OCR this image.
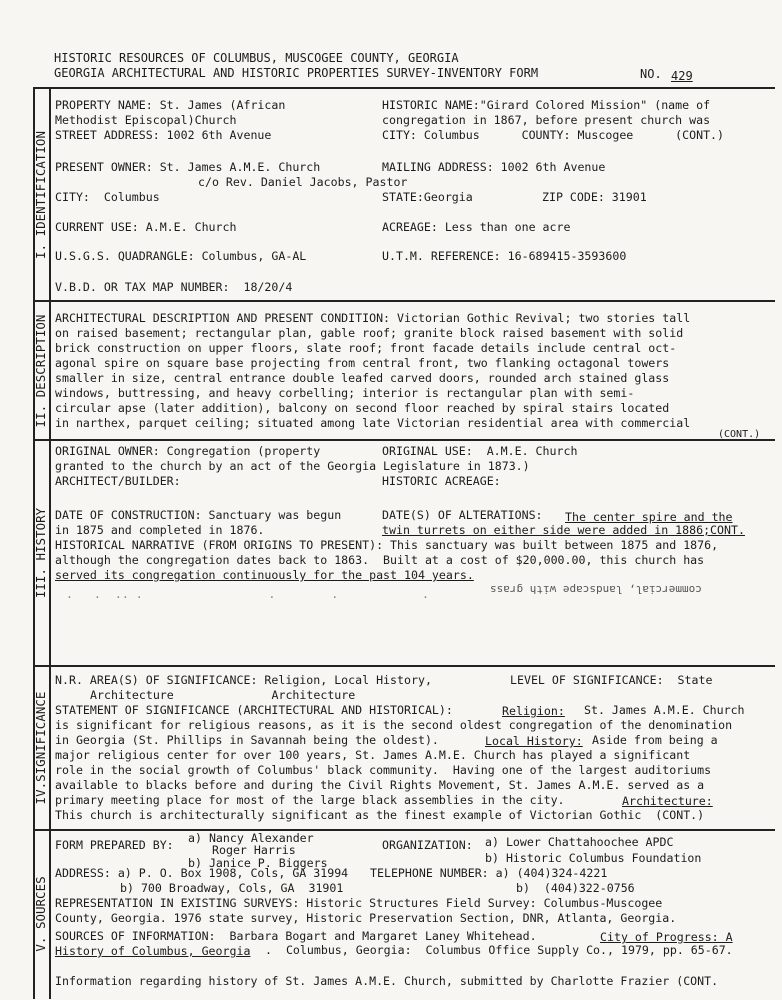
HISTORIC RESOURCES OF COLUMBUS, MUSCOGEE COUNTY, GEORGIA
GEORGIA ARCHITECTURAL AND HISTORIC PROPERTIES SURVEY-INVENTORY FORM	NO. 429
I. IDENTIFICATION
II. DESCRIPTION
III. HISTORY
IV.SIGNIFICANCE
V. SOURCES
PROPERTY NAME: St. James (African
Methodist Episcopal)Church
STREET ADDRESS: 1002 6th Avenue
HISTORIC NAME:"Girard Colored Mission" (name of
congregation in 1867, before present church was
CITY: Columbus      COUNTY: Muscogee      (CONT.)
PRESENT OWNER: St. James A.M.E. Church
c/o Rev. Daniel Jacobs, Pastor
CITY:  Columbus
MAILING ADDRESS: 1002 6th Avenue
STATE:Georgia	ZIP CODE: 31901
CURRENT USE: A.M.E. Church	ACREAGE: Less than one acre
U.S.G.S. QUADRANGLE: Columbus, GA-AL	U.T.M. REFERENCE: 16-689415-3593600
V.B.D. OR TAX MAP NUMBER:  18/20/4
ARCHITECTURAL DESCRIPTION AND PRESENT CONDITION: Victorian Gothic Revival; two stories tall
on raised basement; rectangular plan, gable roof; granite block raised basement with solid
brick construction on upper floors, slate roof; front facade details include central oct-
agonal spire on square base projecting from central front, two flanking octagonal towers
smaller in size, central entrance double leafed carved doors, rounded arch stained glass
windows, buttressing, and heavy corbelling; interior is rectangular plan with semi-
circular apse (later addition), balcony on second floor reached by spiral stairs located
in narthex, parquet ceiling; situated among late Victorian residential area with commercial
(CONT.)
ORIGINAL OWNER: Congregation (property	ORIGINAL USE:  A.M.E. Church
granted to the church by an act of the Georgia Legislature in 1873.)
ARCHITECT/BUILDER:	HISTORIC ACREAGE:
DATE OF CONSTRUCTION: Sanctuary was begun
in 1875 and completed in 1876.
DATE(S) OF ALTERATIONS: The center spire and the
twin turrets on either side were added in 1886;CONT.
HISTORICAL NARRATIVE (FROM ORIGINS TO PRESENT): This sanctuary was built between 1875 and 1876,
although the congregation dates back to 1863.  Built at a cost of $20,000.00, this church has
served its congregation continuously for the past 104 years.
commercial, landscape with grass
·   ·  ·· ·                  ·        ·            ·
N.R. AREA(S) OF SIGNIFICANCE: Religion, Local History,	LEVEL OF SIGNIFICANCE:  State
Architecture              Architecture
STATEMENT OF SIGNIFICANCE (ARCHITECTURAL AND HISTORICAL):	Religion: St. James A.M.E. Church
is significant for religious reasons, as it is the second oldest congregation of the denomination
in Georgia (St. Phillips in Savannah being the oldest).	Local History: Aside from being a
major religious center for over 100 years, St. James A.M.E. Church has played a significant
role in the social growth of Columbus' black community.  Having one of the largest auditoriums
available to blacks before and during the Civil Rights Movement, St. James A.M.E. served as a
primary meeting place for most of the large black assemblies in the city.	Architecture:
This church is architecturally significant as the finest example of Victorian Gothic  (CONT.)
FORM PREPARED BY: a) Nancy Alexander
Roger Harris
b) Janice P. Biggers
ORGANIZATION: a) Lower Chattahoochee APDC
b) Historic Columbus Foundation
ADDRESS: a) P. O. Box 1908, Cols, GA 31994 TELEPHONE NUMBER: a) (404)324-4221
b) 700 Broadway, Cols, GA  31901	b)  (404)322-0756
REPRESENTATION IN EXISTING SURVEYS: Historic Structures Field Survey: Columbus-Muscogee
County, Georgia. 1976 state survey, Historic Preservation Section, DNR, Atlanta, Georgia.
SOURCES OF INFORMATION:  Barbara Bogart and Margaret Laney Whitehead.	City of Progress: A
History of Columbus, Georgia .  Columbus, Georgia:  Columbus Office Supply Co., 1979, pp. 65-67.
Information regarding history of St. James A.M.E. Church, submitted by Charlotte Frazier (CONT.
